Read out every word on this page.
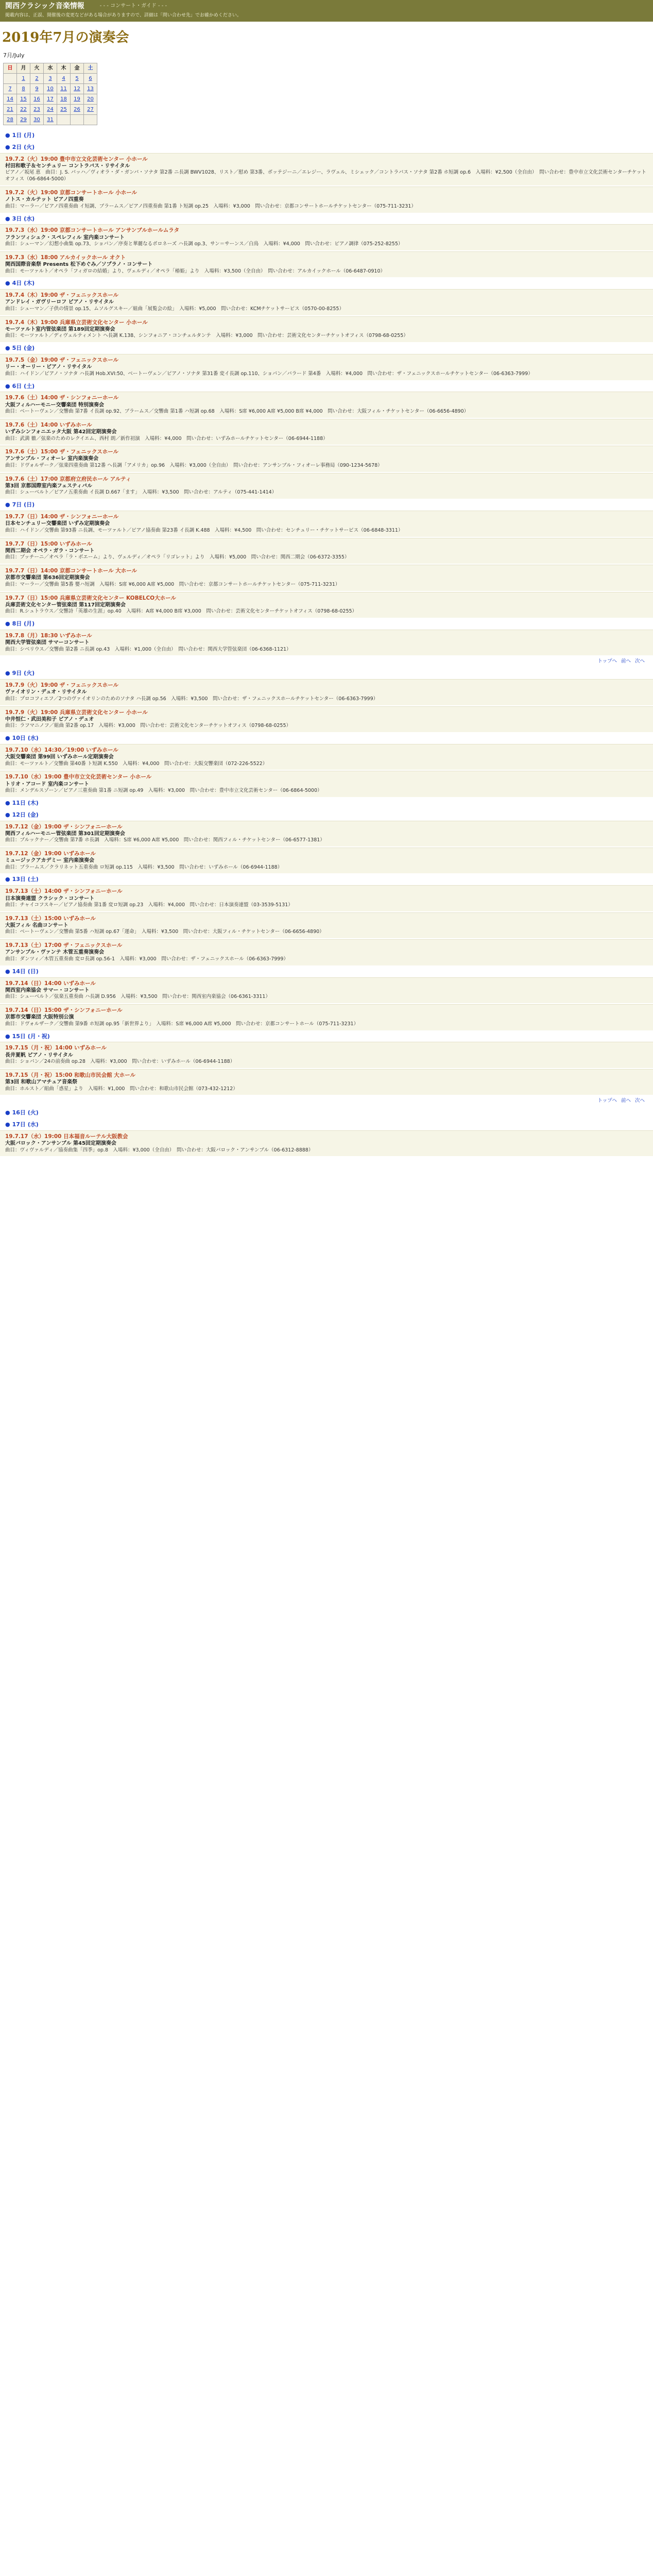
関西クラシック音楽情報	- - - コンサート・ガイド - - -
掲載内容は、正誤、開催後の変更などがある場合がありますので、詳細は「問い合わせ先」でお確かめください。
2019年7月の演奏会
7月/July
日	月	火	水	木	金	土
	1	2	3	4	5	6
7	8	9	10	11	12	13
14	15	16	17	18	19	20
21	22	23	24	25	26	27
28	29	30	31			
● 1日 (月)
● 2日 (火)
19.7.2（火）19:00 豊中市立文化芸術センター 小ホール
村田和歌子＆センチュリー コントラバス・リサイタル
ピアノ／坂尾 恵　曲目：J. S. バッハ／ヴィオラ・ダ・ガンバ・ソナタ 第2番 ニ長調 BWV1028、リスト／慰め 第3番、ボッテジーニ／エレジー、ラヴェル、ミシェック／コントラバス・ソナタ 第2番 ホ短調 op.6　入場料：¥2,500（全自由）　問い合わせ：豊中市立文化芸術センターチケットオフィス（06-6864-5000）
19.7.2（火）19:00 京都コンサートホール 小ホール
ノトス・カルテット ピアノ四重奏
曲目：マーラー／ピアノ四重奏曲 イ短調、ブラームス／ピアノ四重奏曲 第1番 ト短調 op.25　入場料：¥3,000　問い合わせ：京都コンサートホールチケットセンター（075-711-3231）
● 3日 (水)
19.7.3（水）19:00 京都コンサートホール アンサンブルホールムラタ
フランツィシュク・スペレフィル 室内楽コンサート
曲目：シューマン／幻想小曲集 op.73、ショパン／序奏と華麗なるポロネーズ ハ長調 op.3、サン＝サーンス／白鳥　入場料：¥4,000　問い合わせ：ピアノ調律（075-252-8255）
19.7.3（水）18:00 アルカイックホール オクト
関西国際音楽祭 Presents 松下めぐみ／ソプラノ・コンサート
曲目：モーツァルト／オペラ「フィガロの結婚」より、ヴェルディ／オペラ「椿姫」より　入場料：¥3,500（全自由）　問い合わせ：アルカイックホール（06-6487-0910）
● 4日 (木)
19.7.4（木）19:00 ザ・フェニックスホール
アンドレイ・ガヴリーロフ ピアノ・リサイタル
曲目：シューマン／子供の情景 op.15、ムソルグスキー／組曲「展覧会の絵」　入場料：¥5,000　問い合わせ：KCMチケットサービス（0570-00-8255）
19.7.4（木）19:00 兵庫県立芸術文化センター 小ホール
モーツァルト室内管弦楽団 第189回定期演奏会
曲目：モーツァルト／ディヴェルティメント ヘ長調 K.138、シンフォニア・コンチェルタンテ　入場料：¥3,000　問い合わせ：芸術文化センターチケットオフィス（0798-68-0255）
● 5日 (金)
19.7.5（金）19:00 ザ・フェニックスホール
リー・オーリー・ピアノ・リサイタル
曲目：ハイドン／ピアノ・ソナタ ハ長調 Hob.XVI:50、ベートーヴェン／ピアノ・ソナタ 第31番 変イ長調 op.110、ショパン／バラード 第4番　入場料：¥4,000　問い合わせ：ザ・フェニックスホールチケットセンター（06-6363-7999）
● 6日 (土)
19.7.6（土）14:00 ザ・シンフォニーホール
大阪フィルハーモニー交響楽団 特別演奏会
曲目：ベートーヴェン／交響曲 第7番 イ長調 op.92、ブラームス／交響曲 第1番 ハ短調 op.68　入場料：S席 ¥6,000 A席 ¥5,000 B席 ¥4,000　問い合わせ：大阪フィル・チケットセンター（06-6656-4890）
19.7.6（土）14:00 いずみホール
いずみシンフォニエッタ大阪 第42回定期演奏会
曲目：武満 徹／弦楽のためのレクイエム、西村 朗／新作初演　入場料：¥4,000　問い合わせ：いずみホールチケットセンター（06-6944-1188）
19.7.6（土）15:00 ザ・フェニックスホール
アンサンブル・フィオーレ 室内楽演奏会
曲目：ドヴォルザーク／弦楽四重奏曲 第12番 ヘ長調「アメリカ」op.96　入場料：¥3,000（全自由）　問い合わせ：アンサンブル・フィオーレ事務局（090-1234-5678）
19.7.6（土）17:00 京都府立府民ホール アルティ
第3回 京都国際室内楽フェスティバル
曲目：シューベルト／ピアノ五重奏曲 イ長調 D.667「ます」　入場料：¥3,500　問い合わせ：アルティ（075-441-1414）
● 7日 (日)
19.7.7（日）14:00 ザ・シンフォニーホール
日本センチュリー交響楽団 いずみ定期演奏会
曲目：ハイドン／交響曲 第93番 ニ長調、モーツァルト／ピアノ協奏曲 第23番 イ長調 K.488　入場料：¥4,500　問い合わせ：センチュリー・チケットサービス（06-6848-3311）
19.7.7（日）15:00 いずみホール
関西二期会 オペラ・ガラ・コンサート
曲目：プッチーニ／オペラ「ラ・ボエーム」より、ヴェルディ／オペラ「リゴレット」より　入場料：¥5,000　問い合わせ：関西二期会（06-6372-3355）
19.7.7（日）14:00 京都コンサートホール 大ホール
京都市交響楽団 第636回定期演奏会
曲目：マーラー／交響曲 第5番 嬰ハ短調　入場料：S席 ¥6,000 A席 ¥5,000　問い合わせ：京都コンサートホールチケットセンター（075-711-3231）
19.7.7（日）15:00 兵庫県立芸術文化センター KOBELCO大ホール
兵庫芸術文化センター管弦楽団 第117回定期演奏会
曲目：R.シュトラウス／交響詩「英雄の生涯」op.40　入場料：A席 ¥4,000 B席 ¥3,000　問い合わせ：芸術文化センターチケットオフィス（0798-68-0255）
● 8日 (月)
19.7.8（月）18:30 いずみホール
関西大学管弦楽団 サマーコンサート
曲目：シベリウス／交響曲 第2番 ニ長調 op.43　入場料：¥1,000（全自由）　問い合わせ：関西大学管弦楽団（06-6368-1121）
トップへ 前へ 次へ
● 9日 (火)
19.7.9（火）19:00 ザ・フェニックスホール
ヴァイオリン・デュオ・リサイタル
曲目：プロコフィエフ／2つのヴァイオリンのためのソナタ ハ長調 op.56　入場料：¥3,500　問い合わせ：ザ・フェニックスホールチケットセンター（06-6363-7999）
19.7.9（火）19:00 兵庫県立芸術文化センター 小ホール
中井恒仁・武田美和子 ピアノ・デュオ
曲目：ラフマニノフ／組曲 第2番 op.17　入場料：¥3,000　問い合わせ：芸術文化センターチケットオフィス（0798-68-0255）
● 10日 (水)
19.7.10（水）14:30／19:00 いずみホール
大阪交響楽団 第99回 いずみホール定期演奏会
曲目：モーツァルト／交響曲 第40番 ト短調 K.550　入場料：¥4,000　問い合わせ：大阪交響楽団（072-226-5522）
19.7.10（水）19:00 豊中市立文化芸術センター 小ホール
トリオ・アコード 室内楽コンサート
曲目：メンデルスゾーン／ピアノ三重奏曲 第1番 ニ短調 op.49　入場料：¥3,000　問い合わせ：豊中市立文化芸術センター（06-6864-5000）
● 11日 (木)
● 12日 (金)
19.7.12（金）19:00 ザ・シンフォニーホール
関西フィルハーモニー管弦楽団 第301回定期演奏会
曲目：ブルックナー／交響曲 第7番 ホ長調　入場料：S席 ¥6,000 A席 ¥5,000　問い合わせ：関西フィル・チケットセンター（06-6577-1381）
19.7.12（金）19:00 いずみホール
ミュージックアカデミー 室内楽演奏会
曲目：ブラームス／クラリネット五重奏曲 ロ短調 op.115　入場料：¥3,500　問い合わせ：いずみホール（06-6944-1188）
● 13日 (土)
19.7.13（土）14:00 ザ・シンフォニーホール
日本演奏連盟 クラシック・コンサート
曲目：チャイコフスキー／ピアノ協奏曲 第1番 変ロ短調 op.23　入場料：¥4,000　問い合わせ：日本演奏連盟（03-3539-5131）
19.7.13（土）15:00 いずみホール
大阪フィル 名曲コンサート
曲目：ベートーヴェン／交響曲 第5番 ハ短調 op.67「運命」　入場料：¥3,500　問い合わせ：大阪フィル・チケットセンター（06-6656-4890）
19.7.13（土）17:00 ザ・フェニックスホール
アンサンブル・ヴァンテ 木管五重奏演奏会
曲目：ダンツィ／木管五重奏曲 変ロ長調 op.56-1　入場料：¥3,000　問い合わせ：ザ・フェニックスホール（06-6363-7999）
● 14日 (日)
19.7.14（日）14:00 いずみホール
関西室内楽協会 サマー・コンサート
曲目：シューベルト／弦楽五重奏曲 ハ長調 D.956　入場料：¥3,500　問い合わせ：関西室内楽協会（06-6361-3311）
19.7.14（日）15:00 ザ・シンフォニーホール
京都市交響楽団 大阪特別公演
曲目：ドヴォルザーク／交響曲 第9番 ホ短調 op.95「新世界より」　入場料：S席 ¥6,000 A席 ¥5,000　問い合わせ：京都コンサートホール（075-711-3231）
● 15日 (月・祝)
19.7.15（月・祝）14:00 いずみホール
長井夏帆 ピアノ・リサイタル
曲目：ショパン／24の前奏曲 op.28　入場料：¥3,000　問い合わせ：いずみホール（06-6944-1188）
19.7.15（月・祝）15:00 和歌山市民会館 大ホール
第3回 和歌山アマチュア音楽祭
曲目：ホルスト／組曲「惑星」より　入場料：¥1,000　問い合わせ：和歌山市民会館（073-432-1212）
トップへ 前へ 次へ
● 16日 (火)
● 17日 (水)
19.7.17（水）19:00 日本福音ルーテル大阪教会
大阪バロック・アンサンブル 第45回定期演奏会
曲目：ヴィヴァルディ／協奏曲集「四季」op.8　入場料：¥3,000（全自由）　問い合わせ：大阪バロック・アンサンブル（06-6312-8888）
